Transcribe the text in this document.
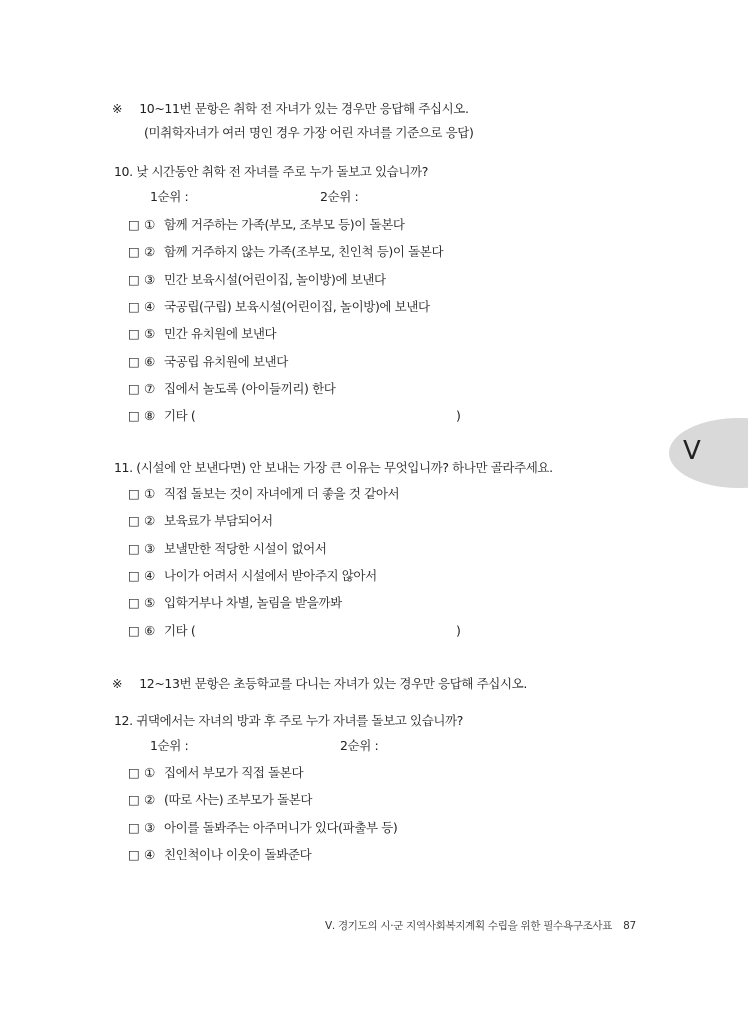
※ 10~11번 문항은 취학 전 자녀가 있는 경우만 응답해 주십시오.
(미취학자녀가 여러 명인 경우 가장 어린 자녀를 기준으로 응답)
10. 낮 시간동안 취학 전 자녀를 주로 누가 돌보고 있습니까?
1순위 :	2순위 :
□ ① 함께 거주하는 가족(부모, 조부모 등)이 돌본다
□ ② 함께 거주하지 않는 가족(조부모, 친인척 등)이 돌본다
□ ③ 민간 보육시설(어린이집, 놀이방)에 보낸다
□ ④ 국공립(구립) 보육시설(어린이집, 놀이방)에 보낸다
□ ⑤ 민간 유치원에 보낸다
□ ⑥ 국공립 유치원에 보낸다
□ ⑦ 집에서 놀도록 (아이들끼리) 한다
□ ⑧ 기타 (	)
11. (시설에 안 보낸다면) 안 보내는 가장 큰 이유는 무엇입니까? 하나만 골라주세요.
□ ① 직접 돌보는 것이 자녀에게 더 좋을 것 같아서
□ ② 보육료가 부담되어서
□ ③ 보낼만한 적당한 시설이 없어서
□ ④ 나이가 어려서 시설에서 받아주지 않아서
□ ⑤ 입학거부나 차별, 놀림을 받을까봐
□ ⑥ 기타 (	)
※ 12~13번 문항은 초등학교를 다니는 자녀가 있는 경우만 응답해 주십시오.
12. 귀댁에서는 자녀의 방과 후 주로 누가 자녀를 돌보고 있습니까?
1순위 :	2순위 :
□ ① 집에서 부모가 직접 돌본다
□ ② (따로 사는) 조부모가 돌본다
□ ③ 아이를 돌봐주는 아주머니가 있다(파출부 등)
□ ④ 친인척이나 이웃이 돌봐준다
Ⅴ
Ⅴ. 경기도의 시·군 지역사회복지계획 수립을 위한 필수욕구조사표 87
